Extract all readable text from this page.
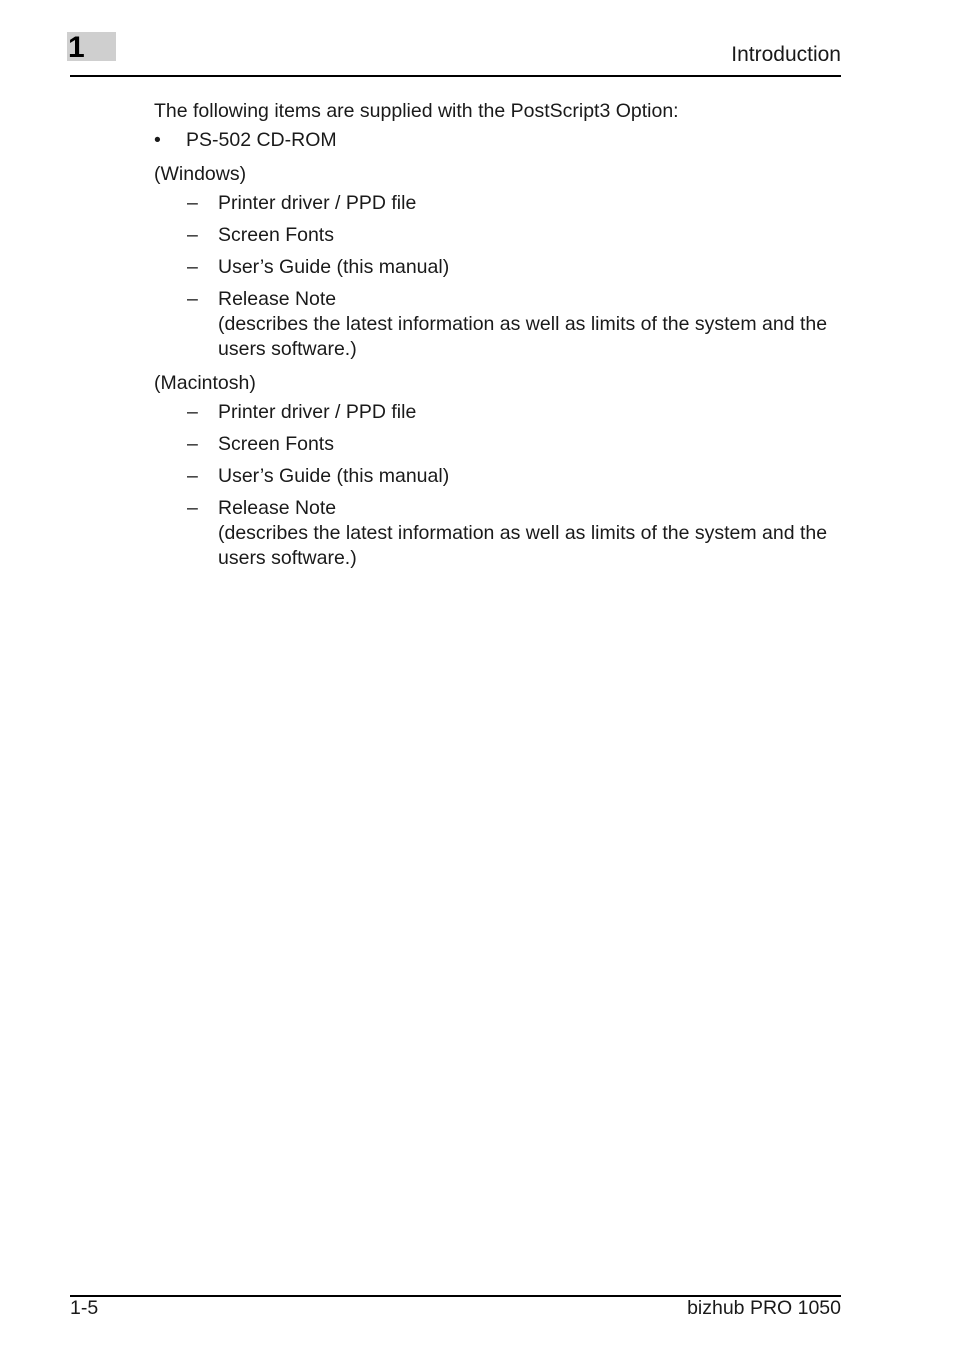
1	Introduction

The following items are supplied with the PostScript3 Option:

• PS-502 CD-ROM

(Windows)

– Printer driver / PPD file
– Screen Fonts
– User’s Guide (this manual)
– Release Note
(describes the latest information as well as limits of the system and the users software.)

(Macintosh)

– Printer driver / PPD file
– Screen Fonts
– User’s Guide (this manual)
– Release Note
(describes the latest information as well as limits of the system and the users software.)
1-5	bizhub PRO 1050
